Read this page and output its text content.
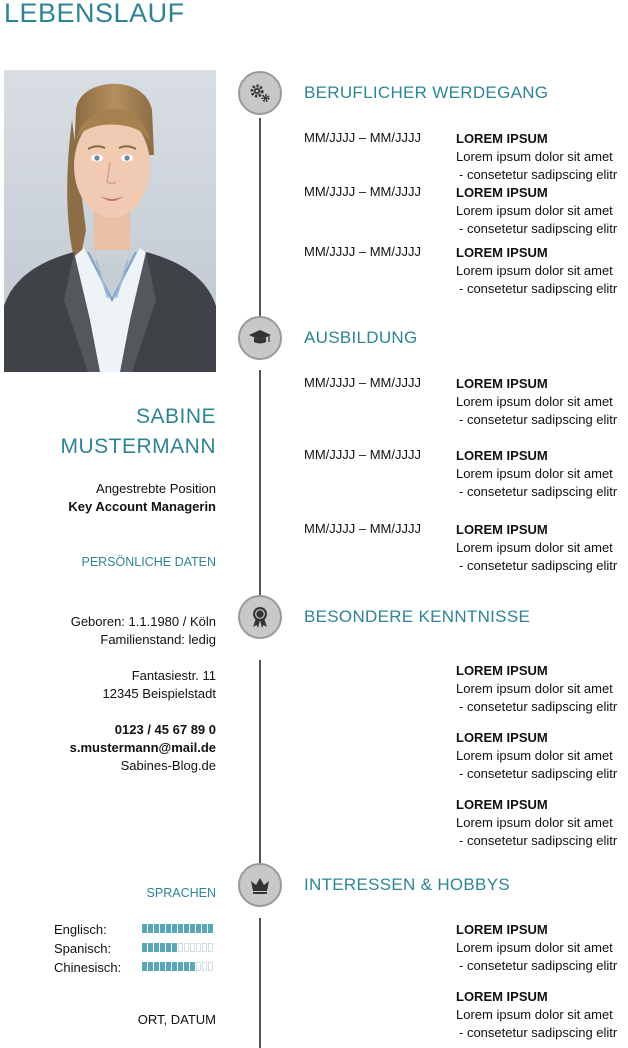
LEBENSLAUF
SABINE
MUSTERMANN
Angestrebte Position
Key Account Managerin
PERSÖNLICHE DATEN
Geboren: 1.1.1980 / Köln
Familienstand: ledig
Fantasiestr. 11
12345 Beispielstadt
0123 / 45 67 89 0
s.mustermann@mail.de
Sabines-Blog.de
SPRACHEN
Englisch:
Spanisch:
Chinesisch:
ORT, DATUM
BERUFLICHER WERDEGANG
AUSBILDUNG
BESONDERE KENNTNISSE
INTERESSEN & HOBBYS
MM/JJJJ – MM/JJJJ	LOREM IPSUM
Lorem ipsum dolor sit amet
- consetetur sadipscing elitr
MM/JJJJ – MM/JJJJ	LOREM IPSUM
Lorem ipsum dolor sit amet
- consetetur sadipscing elitr
MM/JJJJ – MM/JJJJ	LOREM IPSUM
Lorem ipsum dolor sit amet
- consetetur sadipscing elitr
MM/JJJJ – MM/JJJJ	LOREM IPSUM
Lorem ipsum dolor sit amet
- consetetur sadipscing elitr
MM/JJJJ – MM/JJJJ	LOREM IPSUM
Lorem ipsum dolor sit amet
- consetetur sadipscing elitr
MM/JJJJ – MM/JJJJ	LOREM IPSUM
Lorem ipsum dolor sit amet
- consetetur sadipscing elitr
LOREM IPSUM
Lorem ipsum dolor sit amet
- consetetur sadipscing elitr
LOREM IPSUM
Lorem ipsum dolor sit amet
- consetetur sadipscing elitr
LOREM IPSUM
Lorem ipsum dolor sit amet
- consetetur sadipscing elitr
LOREM IPSUM
Lorem ipsum dolor sit amet
- consetetur sadipscing elitr
LOREM IPSUM
Lorem ipsum dolor sit amet
- consetetur sadipscing elitr
